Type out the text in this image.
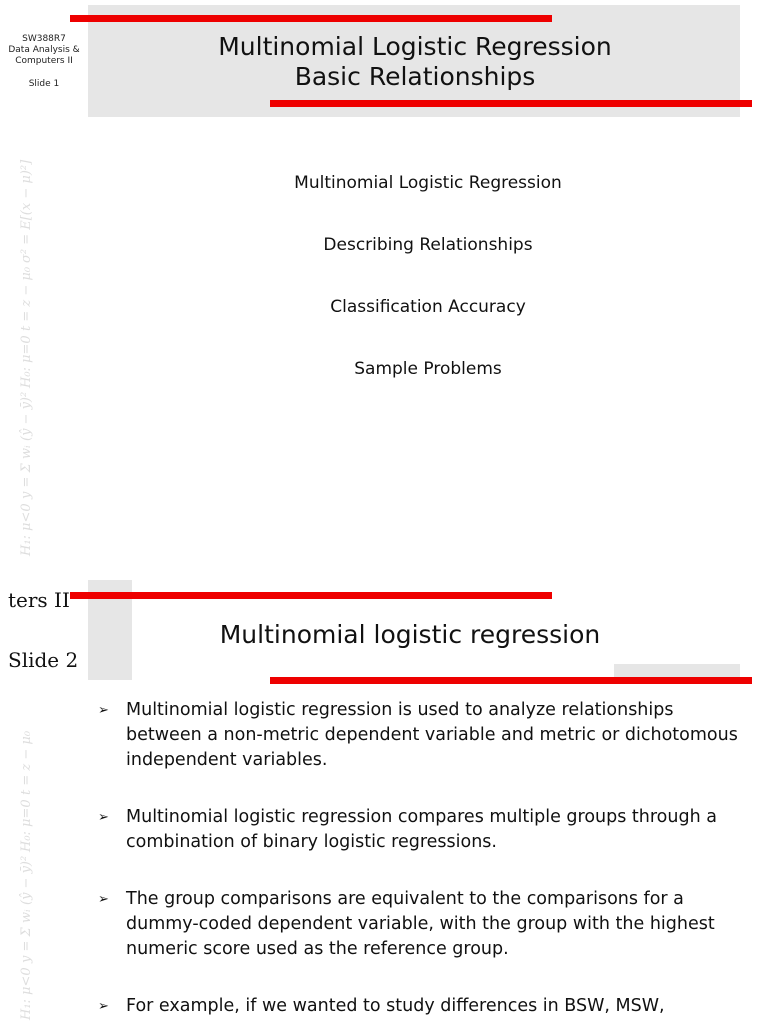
H₁: μ<0 y = Σ wᵢ (ŷ − ȳ)² H₀: μ=0 t = z − μ₀ σ² = E[(x − μ)²]
SW388R7
Data Analysis &
Computers II
Slide 1
Multinomial Logistic Regression
Basic Relationships
Multinomial Logistic Regression
Describing Relationships
Classification Accuracy
Sample Problems
H₁: μ<0 y = Σ wᵢ (ŷ − ȳ)² H₀: μ=0 t = z − μ₀
ters II
Slide 2
Multinomial logistic regression
➢ Multinomial logistic regression is used to analyze relationships between a non-metric dependent variable and metric or dichotomous independent variables.
➢ Multinomial logistic regression compares multiple groups through a combination of binary logistic regressions.
➢ The group comparisons are equivalent to the comparisons for a dummy-coded dependent variable, with the group with the highest numeric score used as the reference group.
➢ For example, if we wanted to study differences in BSW, MSW,
